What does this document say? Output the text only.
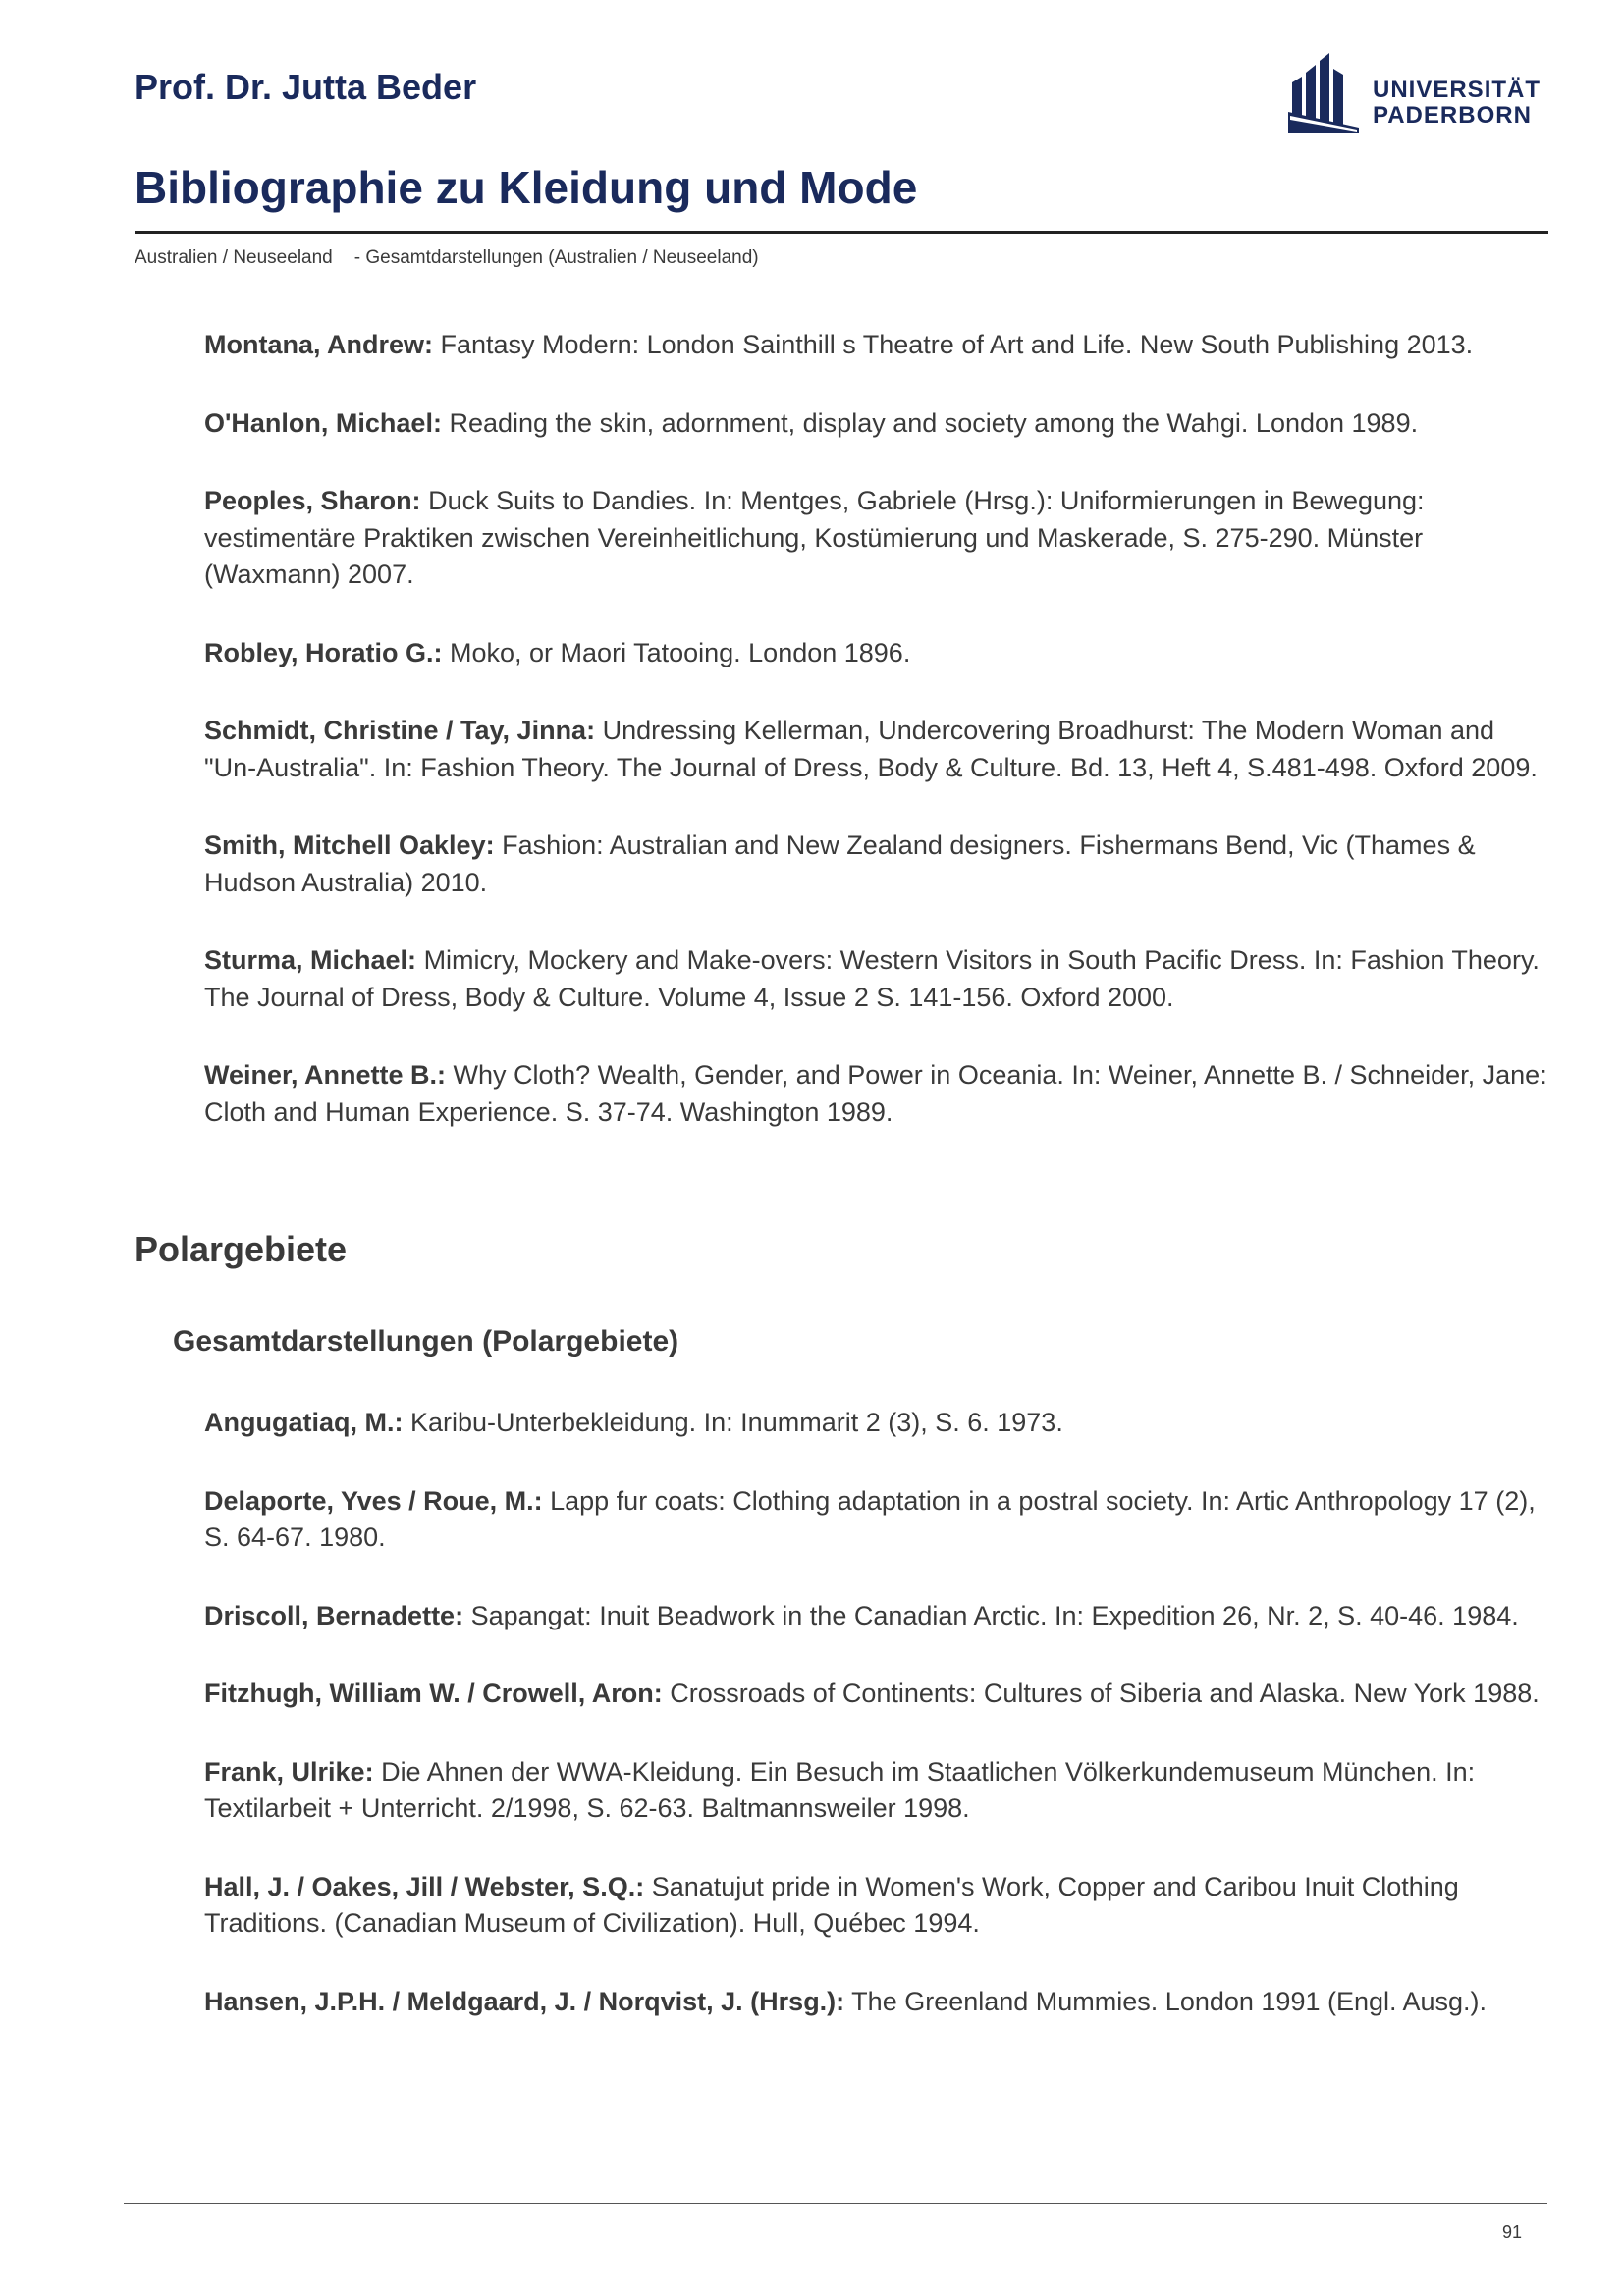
Prof. Dr. Jutta Beder	UNIVERSITÄT
PADERBORN
Bibliographie zu Kleidung und Mode
Australien / Neuseeland - Gesamtdarstellungen (Australien / Neuseeland)
Montana, Andrew: Fantasy Modern: London Sainthill s Theatre of Art and Life. New South Publishing 2013.
O'Hanlon, Michael: Reading the skin, adornment, display and society among the Wahgi. London 1989.
Peoples, Sharon: Duck Suits to Dandies. In: Mentges, Gabriele (Hrsg.): Uniformierungen in Bewegung: vestimentäre Praktiken zwischen Vereinheitlichung, Kostümierung und Maskerade, S. 275-290. Münster (Waxmann) 2007.
Robley, Horatio G.: Moko, or Maori Tatooing. London 1896.
Schmidt, Christine / Tay, Jinna: Undressing Kellerman, Undercovering Broadhurst: The Modern Woman and "Un-Australia". In: Fashion Theory. The Journal of Dress, Body & Culture. Bd. 13, Heft 4, S.481-498. Oxford 2009.
Smith, Mitchell Oakley: Fashion: Australian and New Zealand designers. Fishermans Bend, Vic (Thames & Hudson Australia) 2010.
Sturma, Michael: Mimicry, Mockery and Make-overs: Western Visitors in South Pacific Dress. In: Fashion Theory. The Journal of Dress, Body & Culture. Volume 4, Issue 2 S. 141-156. Oxford 2000.
Weiner, Annette B.: Why Cloth? Wealth, Gender, and Power in Oceania. In: Weiner, Annette B. / Schneider, Jane: Cloth and Human Experience. S. 37-74. Washington 1989.
Polargebiete
Gesamtdarstellungen (Polargebiete)
Angugatiaq, M.: Karibu-Unterbekleidung. In: Inummarit 2 (3), S. 6. 1973.
Delaporte, Yves / Roue, M.: Lapp fur coats: Clothing adaptation in a postral society. In: Artic Anthropology 17 (2), S. 64-67. 1980.
Driscoll, Bernadette: Sapangat: Inuit Beadwork in the Canadian Arctic. In: Expedition 26, Nr. 2, S. 40-46. 1984.
Fitzhugh, William W. / Crowell, Aron: Crossroads of Continents: Cultures of Siberia and Alaska. New York 1988.
Frank, Ulrike: Die Ahnen der WWA-Kleidung. Ein Besuch im Staatlichen Völkerkundemuseum München. In: Textilarbeit + Unterricht. 2/1998, S. 62-63. Baltmannsweiler 1998.
Hall, J. / Oakes, Jill / Webster, S.Q.: Sanatujut pride in Women's Work, Copper and Caribou Inuit Clothing Traditions. (Canadian Museum of Civilization). Hull, Québec 1994.
Hansen, J.P.H. / Meldgaard, J. / Norqvist, J. (Hrsg.): The Greenland Mummies. London 1991 (Engl. Ausg.).
91
